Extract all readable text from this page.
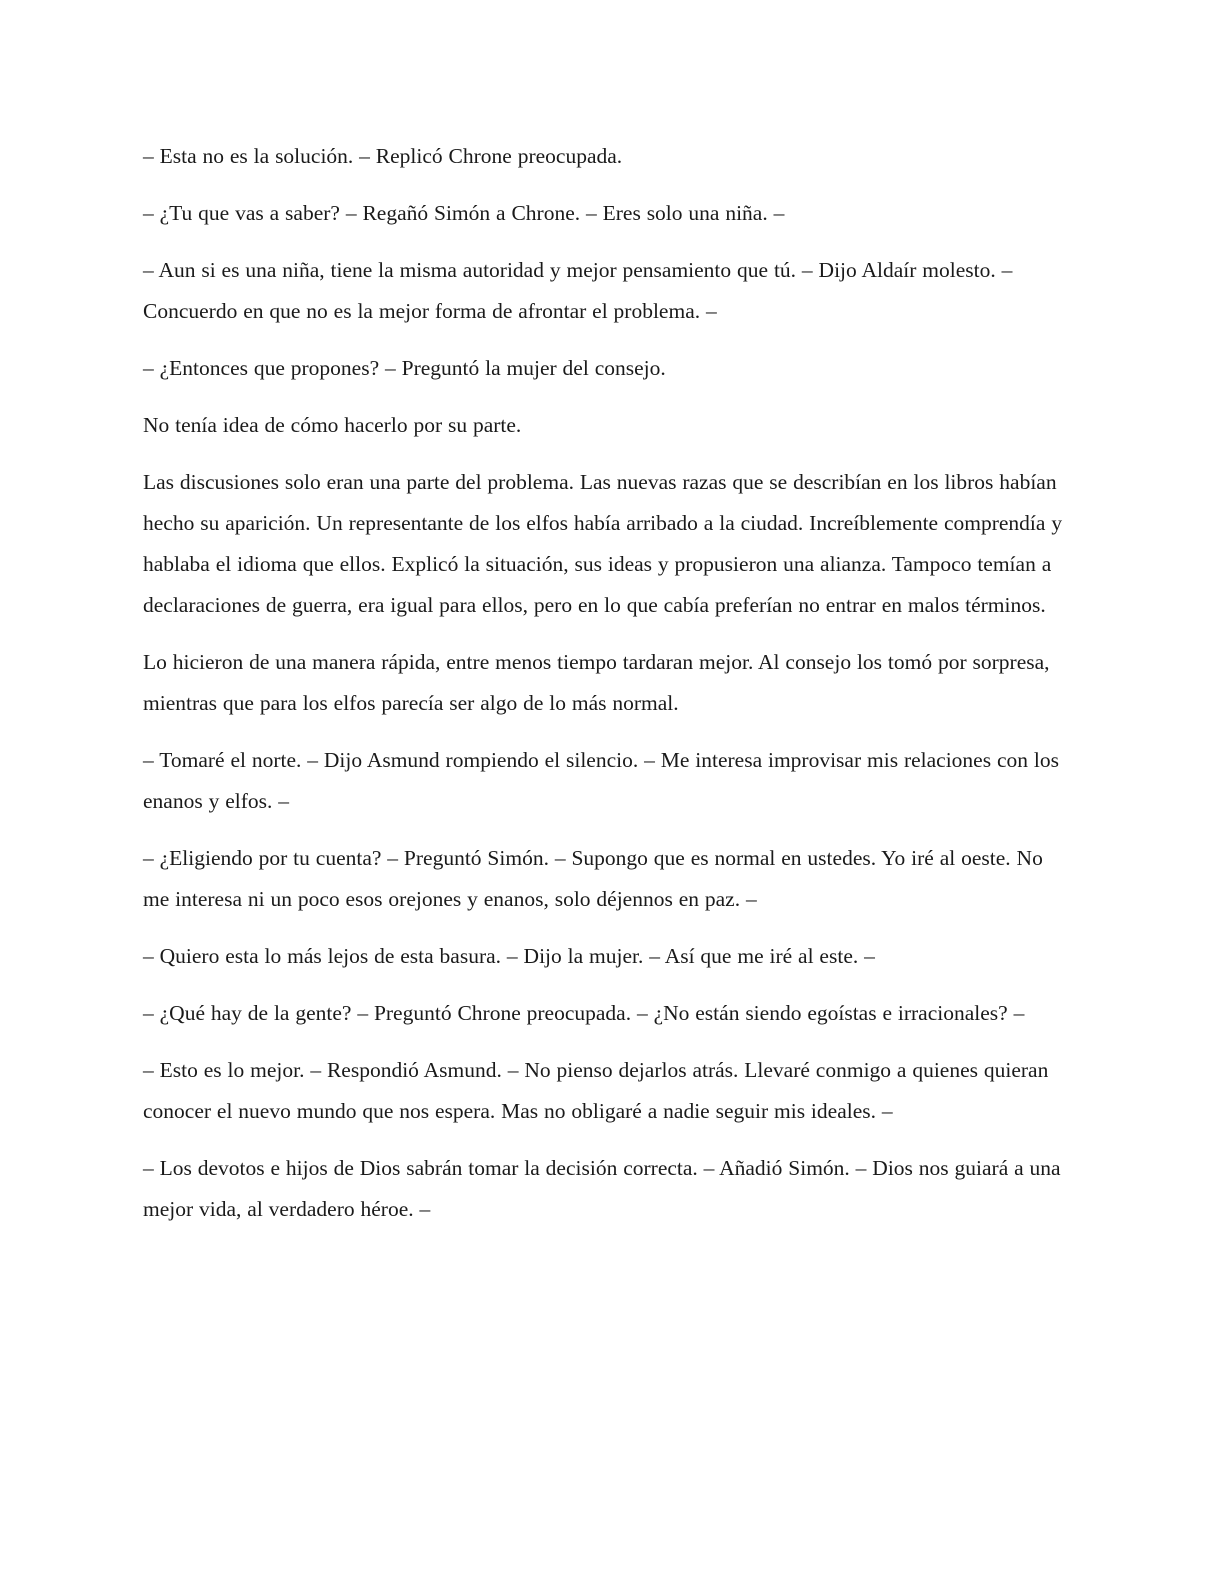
– Esta no es la solución. – Replicó Chrone preocupada.

– ¿Tu que vas a saber? – Regañó Simón a Chrone. – Eres solo una niña. –

– Aun si es una niña, tiene la misma autoridad y mejor pensamiento que tú. – Dijo Aldaír molesto. – Concuerdo en que no es la mejor forma de afrontar el problema. –

– ¿Entonces que propones? – Preguntó la mujer del consejo.

No tenía idea de cómo hacerlo por su parte.

Las discusiones solo eran una parte del problema. Las nuevas razas que se describían en los libros habían hecho su aparición. Un representante de los elfos había arribado a la ciudad. Increíblemente comprendía y hablaba el idioma que ellos. Explicó la situación, sus ideas y propusieron una alianza. Tampoco temían a declaraciones de guerra, era igual para ellos, pero en lo que cabía preferían no entrar en malos términos.

Lo hicieron de una manera rápida, entre menos tiempo tardaran mejor. Al consejo los tomó por sorpresa, mientras que para los elfos parecía ser algo de lo más normal.

– Tomaré el norte. – Dijo Asmund rompiendo el silencio. – Me interesa improvisar mis relaciones con los enanos y elfos. –

– ¿Eligiendo por tu cuenta? – Preguntó Simón. – Supongo que es normal en ustedes. Yo iré al oeste. No me interesa ni un poco esos orejones y enanos, solo déjennos en paz. –

– Quiero esta lo más lejos de esta basura. – Dijo la mujer. – Así que me iré al este. –

– ¿Qué hay de la gente? – Preguntó Chrone preocupada. – ¿No están siendo egoístas e irracionales? –

– Esto es lo mejor. – Respondió Asmund. – No pienso dejarlos atrás. Llevaré conmigo a quienes quieran conocer el nuevo mundo que nos espera. Mas no obligaré a nadie seguir mis ideales. –

– Los devotos e hijos de Dios sabrán tomar la decisión correcta. – Añadió Simón. – Dios nos guiará a una mejor vida, al verdadero héroe. –
